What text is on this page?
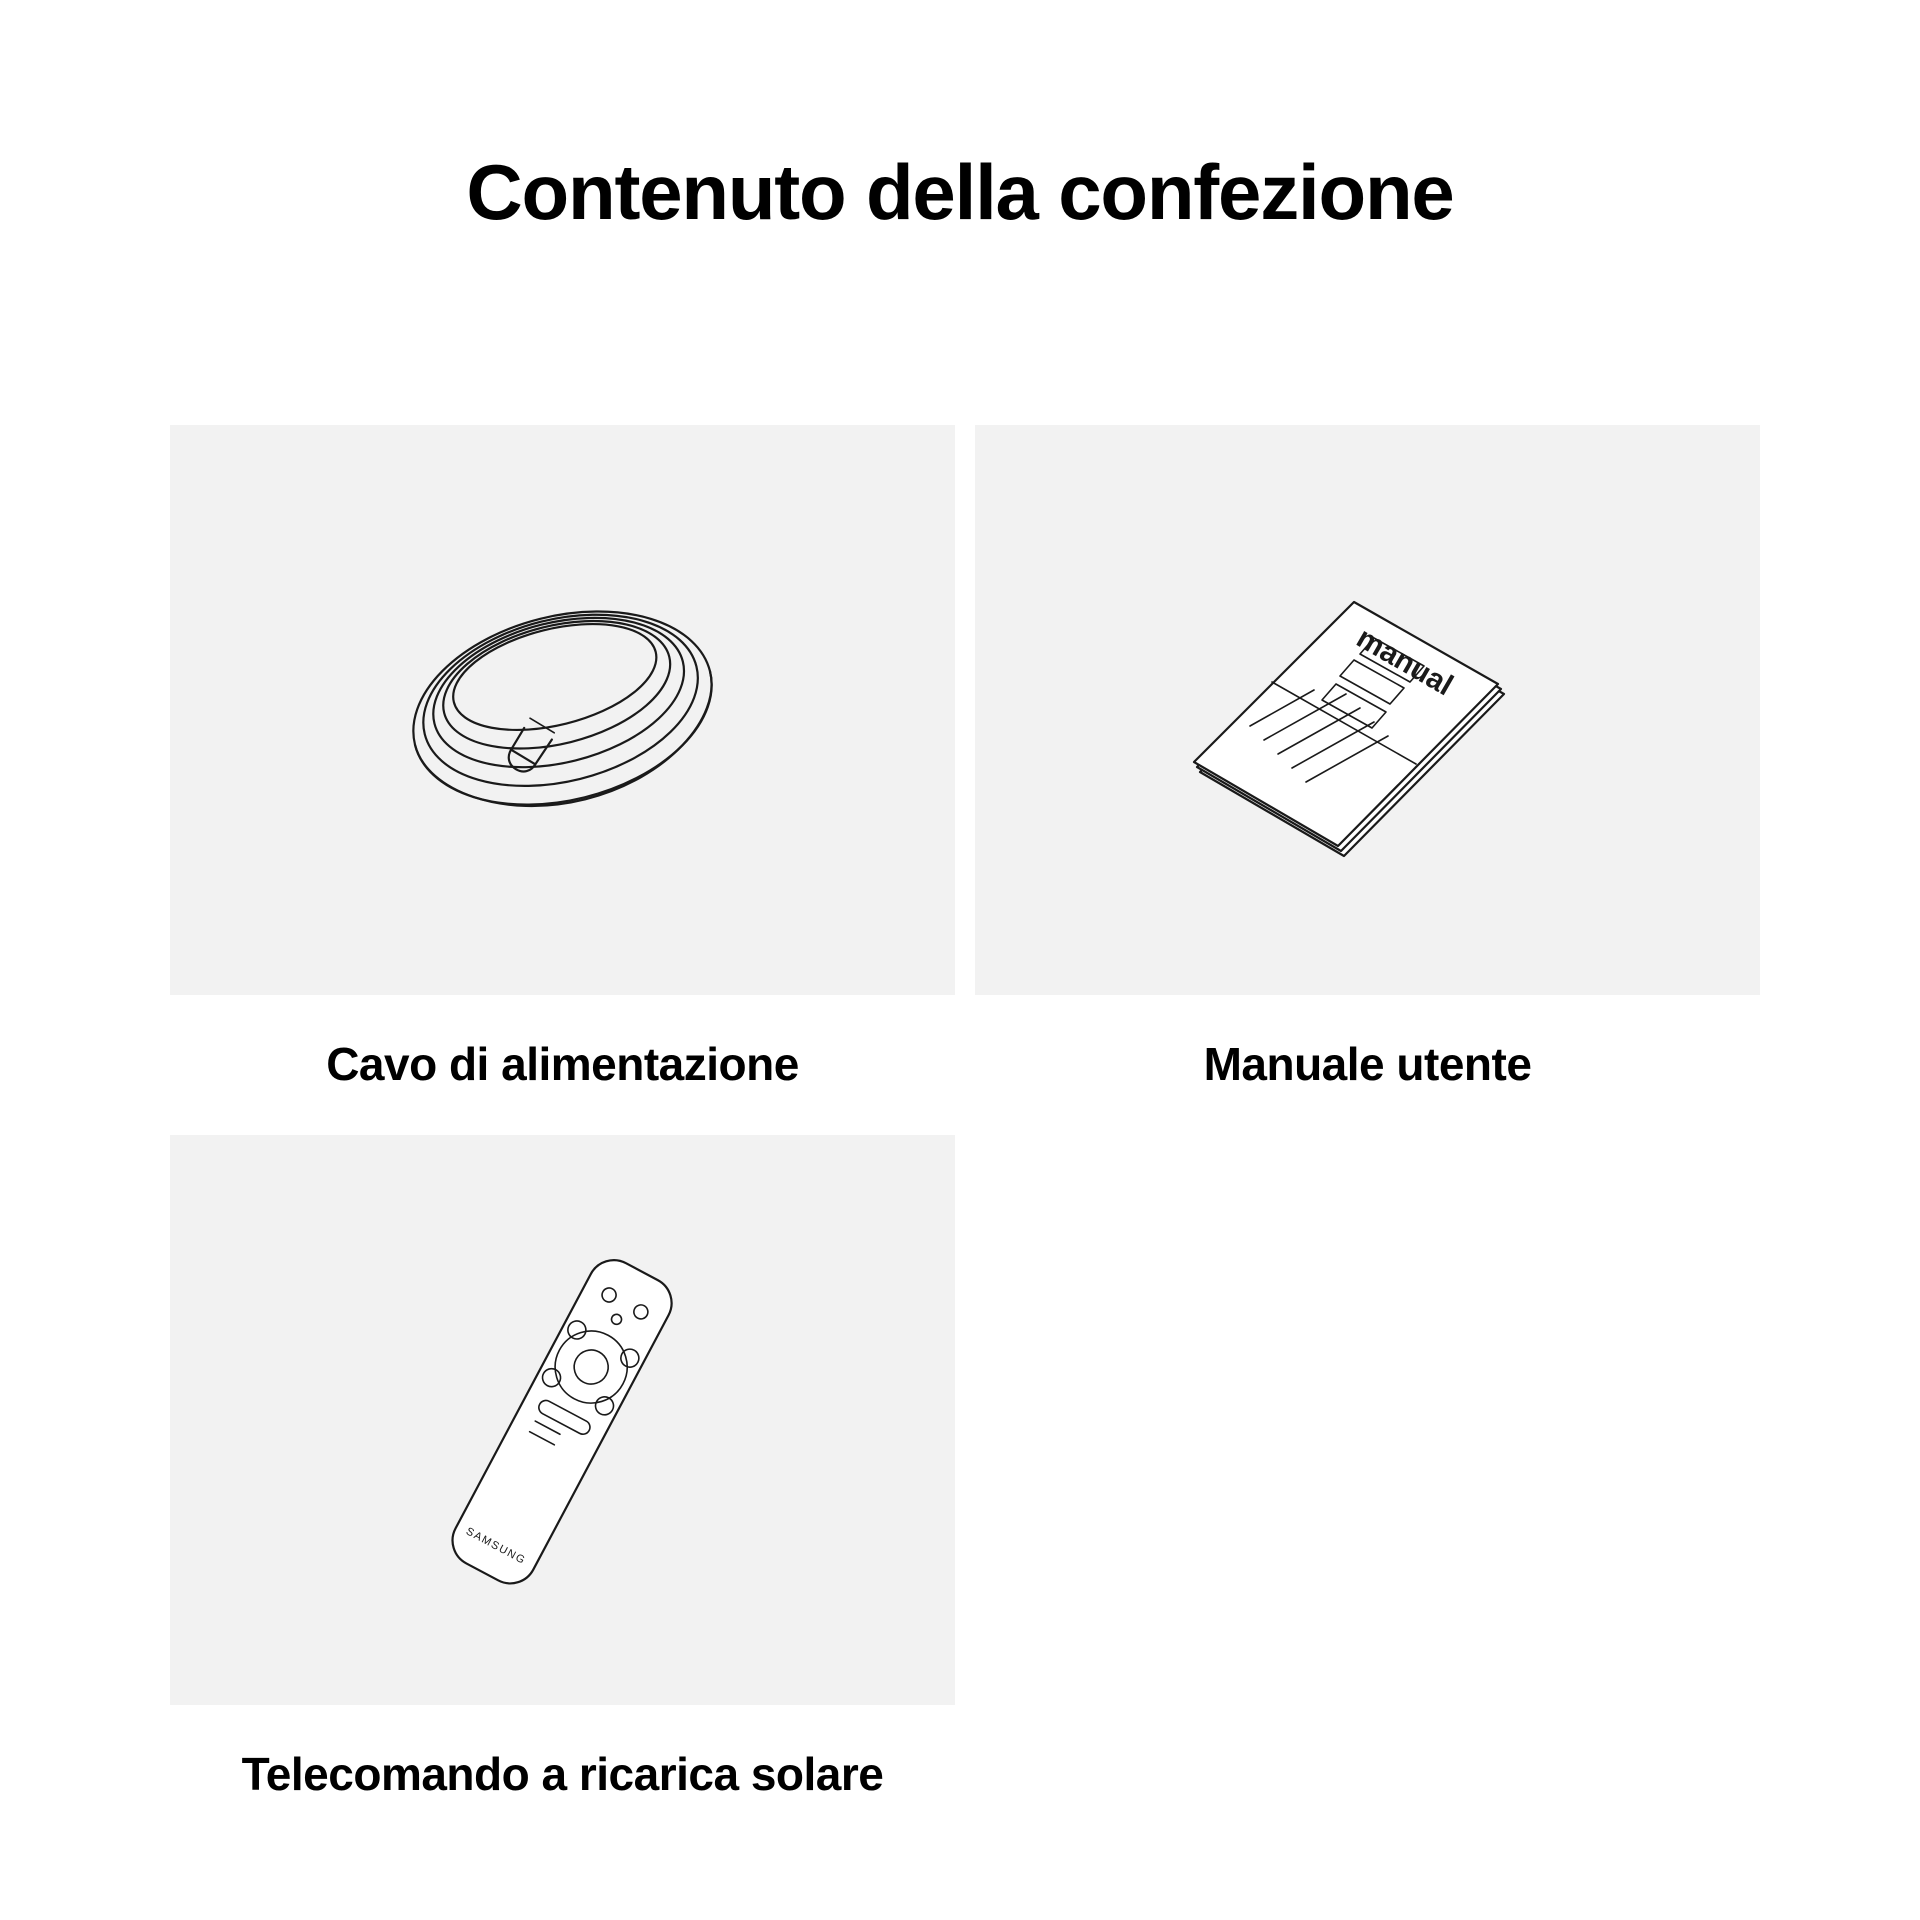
Contenuto della confezione
Cavo di alimentazione
manual
Manuale utente
SAMSUNG
Telecomando a ricarica solare
